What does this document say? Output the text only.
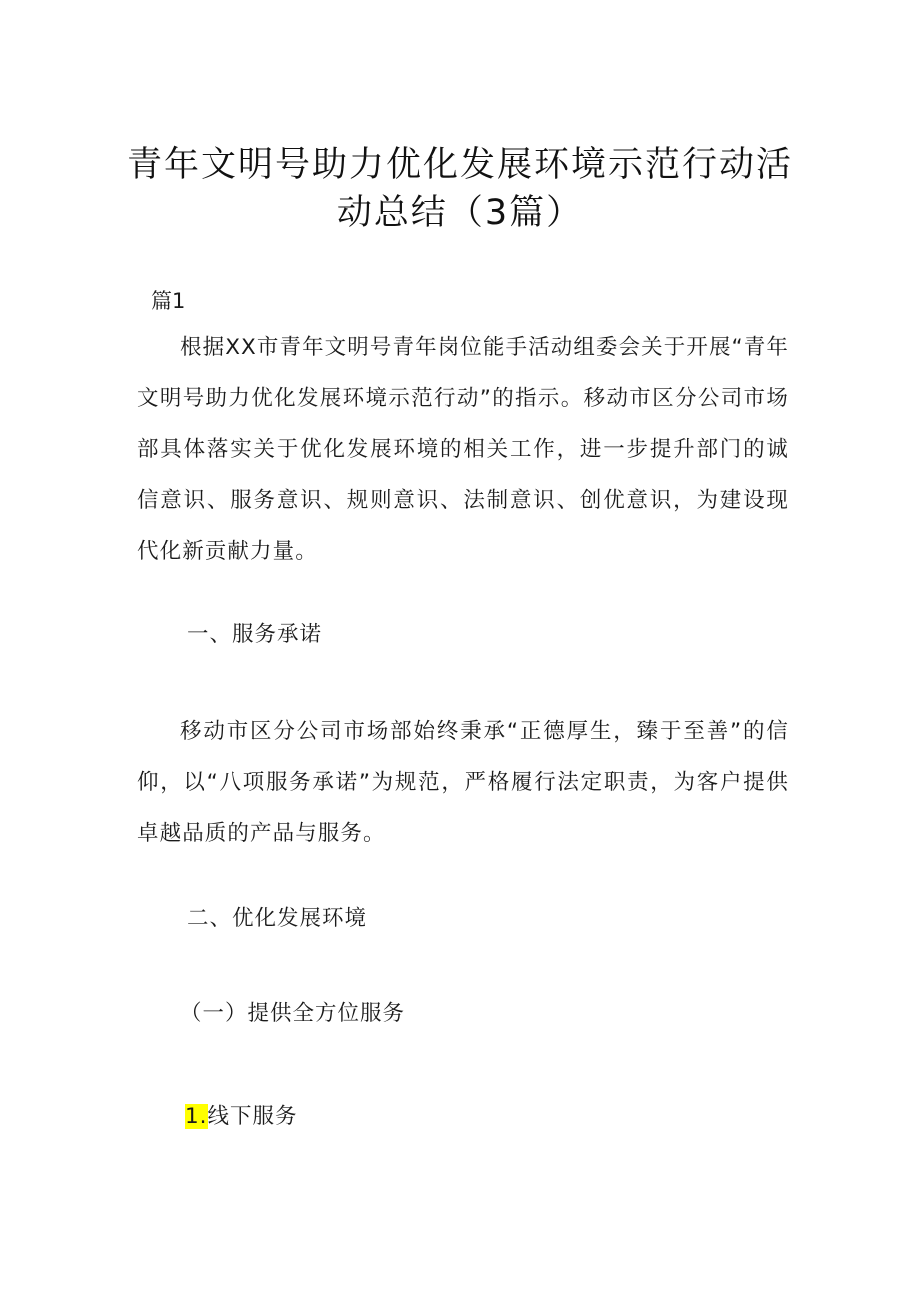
青年文明号助力优化发展环境示范行动活
动总结（3篇）
篇1

根据XX市青年文明号青年岗位能手活动组委会关于开展“青年文明号助力优化发展环境示范行动”的指示。移动市区分公司市场部具体落实关于优化发展环境的相关工作，进一步提升部门的诚信意识、服务意识、规则意识、法制意识、创优意识，为建设现代化新贡献力量。

一、服务承诺

移动市区分公司市场部始终秉承“正德厚生，臻于至善”的信仰，以“八项服务承诺”为规范，严格履行法定职责，为客户提供卓越品质的产品与服务。

二、优化发展环境

（一）提供全方位服务

1.线下服务
